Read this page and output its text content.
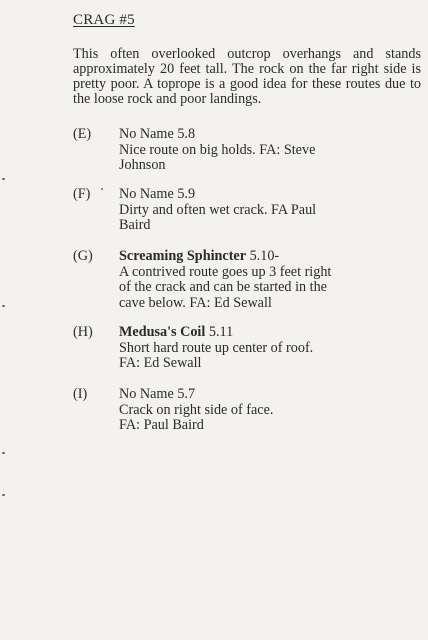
CRAG #5
This often overlooked outcrop overhangs and stands approximately 20 feet tall. The rock on the far right side is pretty poor. A toprope is a good idea for these routes due to the loose rock and poor landings.
(E)	No Name 5.8
Nice route on big holds. FA: Steve
Johnson
(F)	No Name 5.9
Dirty and often wet crack. FA Paul
Baird
(G)	Screaming Sphincter 5.10-
A contrived route goes up 3 feet right
of the crack and can be started in the
cave below. FA: Ed Sewall
(H)	Medusa's Coil 5.11
Short hard route up center of roof.
FA: Ed Sewall
(I)	No Name 5.7
Crack on right side of face.
FA: Paul Baird
